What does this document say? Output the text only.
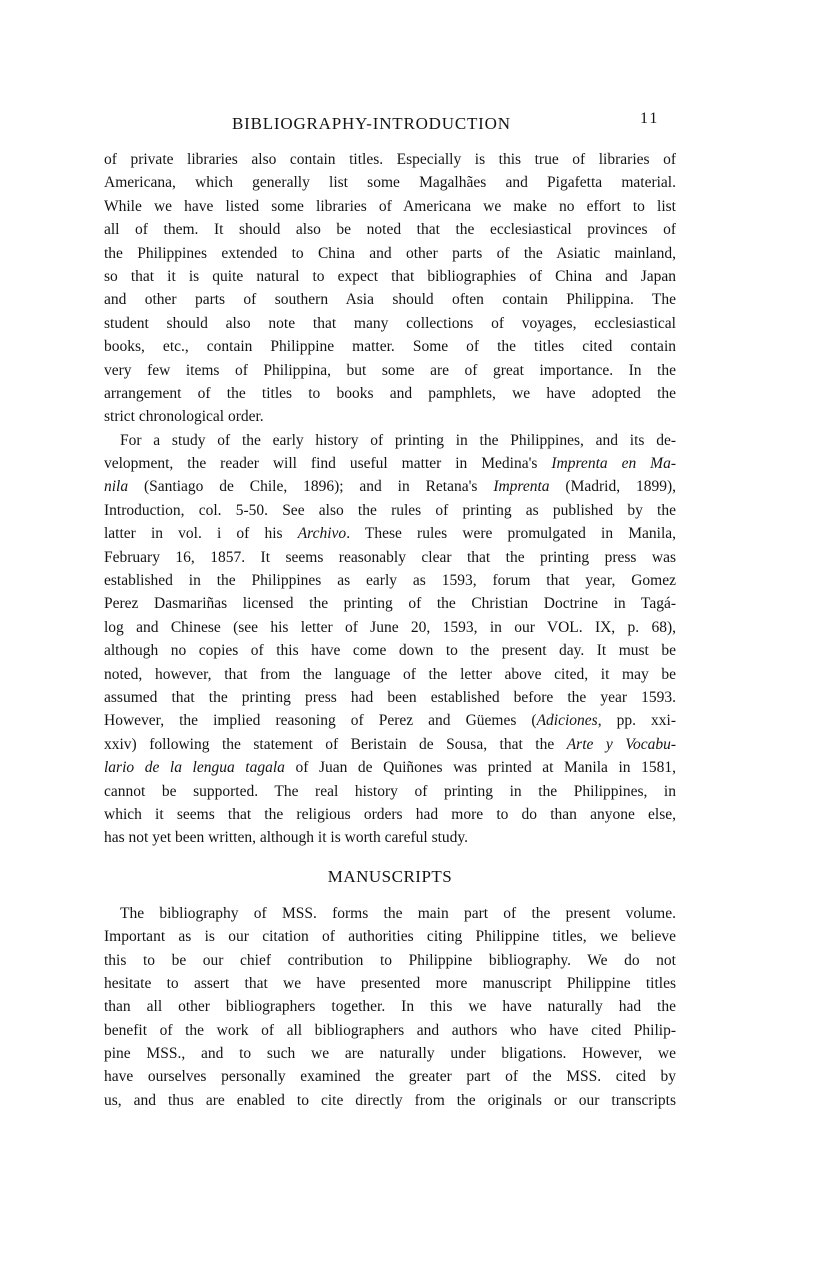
BIBLIOGRAPHY-INTRODUCTION	11
of private libraries also contain titles. Especially is this true of libraries of
Americana, which generally list some Magalhães and Pigafetta material.
While we have listed some libraries of Americana we make no effort to list
all of them. It should also be noted that the ecclesiastical provinces of
the Philippines extended to China and other parts of the Asiatic mainland,
so that it is quite natural to expect that bibliographies of China and Japan
and other parts of southern Asia should often contain Philippina. The
student should also note that many collections of voyages, ecclesiastical
books, etc., contain Philippine matter. Some of the titles cited contain
very few items of Philippina, but some are of great importance. In the
arrangement of the titles to books and pamphlets, we have adopted the
strict chronological order.
For a study of the early history of printing in the Philippines, and its de-
velopment, the reader will find useful matter in Medina's Imprenta en Ma-
nila (Santiago de Chile, 1896); and in Retana's Imprenta (Madrid, 1899),
Introduction, col. 5-50. See also the rules of printing as published by the
latter in vol. i of his Archivo. These rules were promulgated in Manila,
February 16, 1857. It seems reasonably clear that the printing press was
established in the Philippines as early as 1593, forum that year, Gomez
Perez Dasmariñas licensed the printing of the Christian Doctrine in Tagá-
log and Chinese (see his letter of June 20, 1593, in our VOL. IX, p. 68),
although no copies of this have come down to the present day. It must be
noted, however, that from the language of the letter above cited, it may be
assumed that the printing press had been established before the year 1593.
However, the implied reasoning of Perez and Güemes (Adiciones, pp. xxi-
xxiv) following the statement of Beristain de Sousa, that the Arte y Vocabu-
lario de la lengua tagala of Juan de Quiñones was printed at Manila in 1581,
cannot be supported. The real history of printing in the Philippines, in
which it seems that the religious orders had more to do than anyone else,
has not yet been written, although it is worth careful study.
MANUSCRIPTS
The bibliography of MSS. forms the main part of the present volume.
Important as is our citation of authorities citing Philippine titles, we believe
this to be our chief contribution to Philippine bibliography. We do not
hesitate to assert that we have presented more manuscript Philippine titles
than all other bibliographers together. In this we have naturally had the
benefit of the work of all bibliographers and authors who have cited Philip-
pine MSS., and to such we are naturally under bligations. However, we
have ourselves personally examined the greater part of the MSS. cited by
us, and thus are enabled to cite directly from the originals or our transcripts
